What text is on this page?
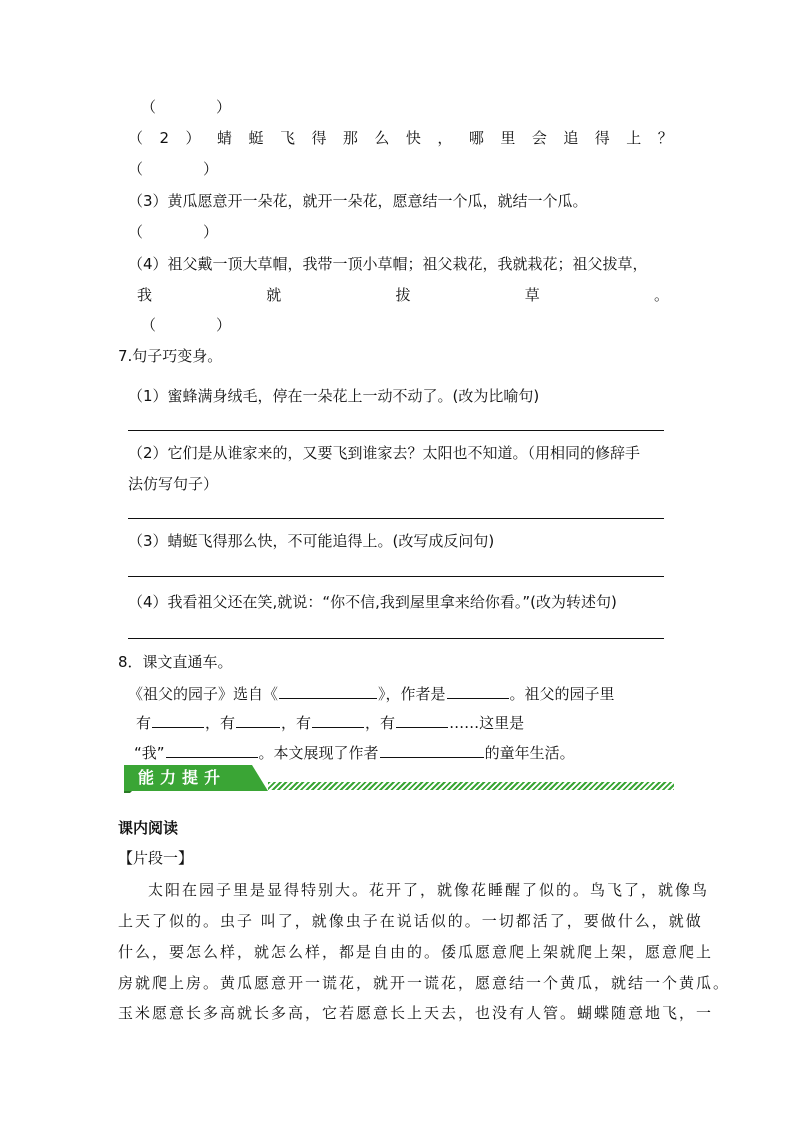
（　　　　）
（ 2 ） 蜻 蜓 飞 得 那 么 快 ， 哪 里 会 追 得 上 ？
（　　　　）
（3）黄瓜愿意开一朵花，就开一朵花，愿意结一个瓜，就结一个瓜。
（　　　　）
（4）祖父戴一顶大草帽，我带一顶小草帽；祖父栽花，我就栽花；祖父拔草，
我	就	拔	草	。
（　　　　）
7.句子巧变身。
（1）蜜蜂满身绒毛，停在一朵花上一动不动了。(改为比喻句)
（2）它们是从谁家来的，又要飞到谁家去？太阳也不知道。（用相同的修辞手
法仿写句子）
（3）蜻蜓飞得那么快，不可能追得上。(改写成反问句)
（4）我看祖父还在笑,就说：“你不信,我到屋里拿来给你看。”(改为转述句)
8．课文直通车。
《祖父的园子》选自《	》，作者是	。祖父的园子里
有	，有	，有	，有	……这里是
“我”	。本文展现了作者	的童年生活。
能力提升
课内阅读
【片段一】
太阳在园子里是显得特别大。花开了，就像花睡醒了似的。鸟飞了，就像鸟
上天了似的。虫子 叫了，就像虫子在说话似的。一切都活了，要做什么，就做
什么，要怎么样，就怎么样，都是自由的。倭瓜愿意爬上架就爬上架，愿意爬上
房就爬上房。黄瓜愿意开一谎花，就开一谎花，愿意结一个黄瓜，就结一个黄瓜。
玉米愿意长多高就长多高，它若愿意长上天去，也没有人管。蝴蝶随意地飞，一
